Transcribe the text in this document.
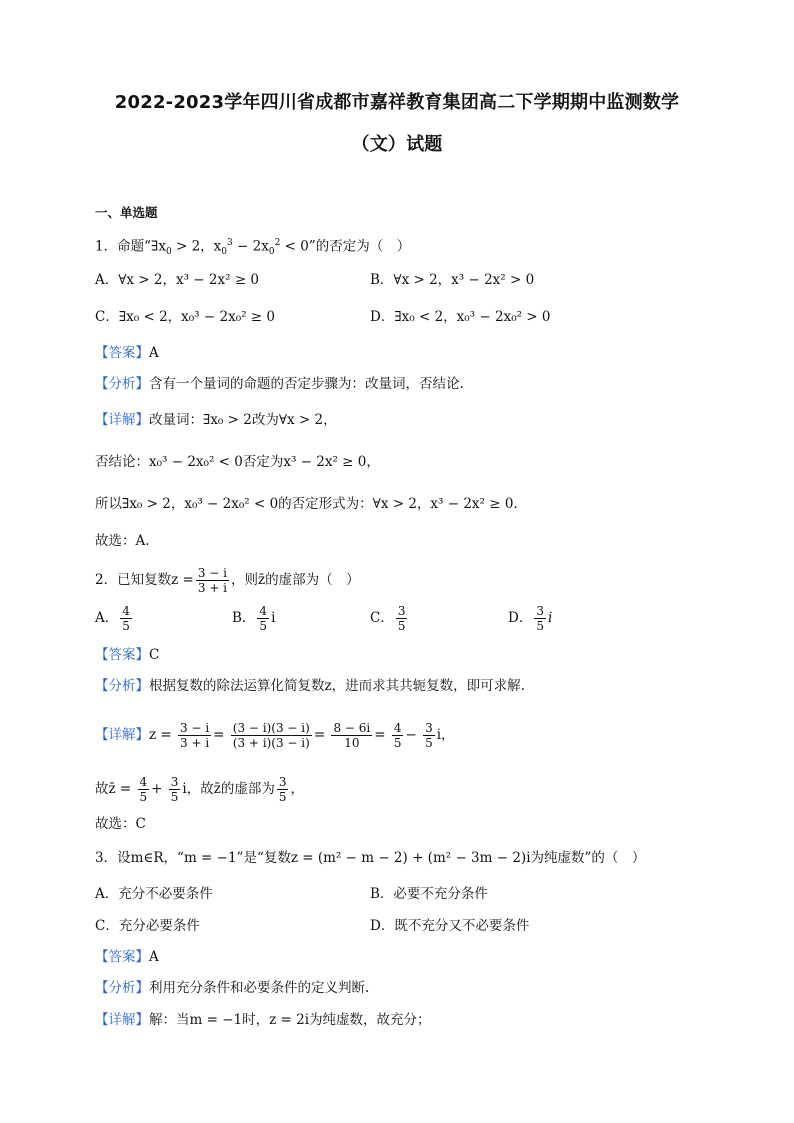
2022-2023学年四川省成都市嘉祥教育集团高二下学期期中监测数学
（文）试题
一、单选题
1．命题“$\exists x_0 > 2$，$x_0^3 - 2x_0^2 < 0$”的否定为（　）
A．∀x > 2，x³ − 2x² ≥ 0	B．∀x > 2，x³ − 2x² > 0
C．∃x₀ < 2，x₀³ − 2x₀² ≥ 0	D．∃x₀ < 2，x₀³ − 2x₀² > 0
【答案】A
【分析】含有一个量词的命题的否定步骤为：改量词，否结论.
【详解】改量词：∃x₀ > 2改为∀x > 2，
否结论：x₀³ − 2x₀² < 0否定为x³ − 2x² ≥ 0，
所以∃x₀ > 2，x₀³ − 2x₀² < 0的否定形式为：∀x > 2，x³ − 2x² ≥ 0.
故选：A.
2．已知复数$z = \frac{3 - i}{3 + i}$ ，则z̄的虚部为（　）
A． $\frac{4}{5}$	B． $\frac{4}{5}$ i	C． $\frac{3}{5}$	D． $\frac{3}{5}$ i
【答案】C
【分析】根据复数的除法运算化简复数z，进而求其共轭复数，即可求解.
【详解】$z = \frac{3 - i}{3 + i} = \frac{(3 - i)(3 - i)}{(3 + i)(3 - i)} = \frac{8 - 6i}{10} = \frac{4}{5} - \frac{3}{5}$ i，
故z̄ = $\frac{4}{5} + \frac{3}{5}$ i，故z̄的虚部为 $\frac{3}{5}$ ，
故选：C
3．设m∈R，“m = −1”是“复数z = (m² − m − 2) + (m² − 3m − 2)i为纯虚数”的（　）
A．充分不必要条件	B．必要不充分条件
C．充分必要条件	D．既不充分又不必要条件
【答案】A
【分析】利用充分条件和必要条件的定义判断.
【详解】解：当m = −1时，z = 2i为纯虚数，故充分；
